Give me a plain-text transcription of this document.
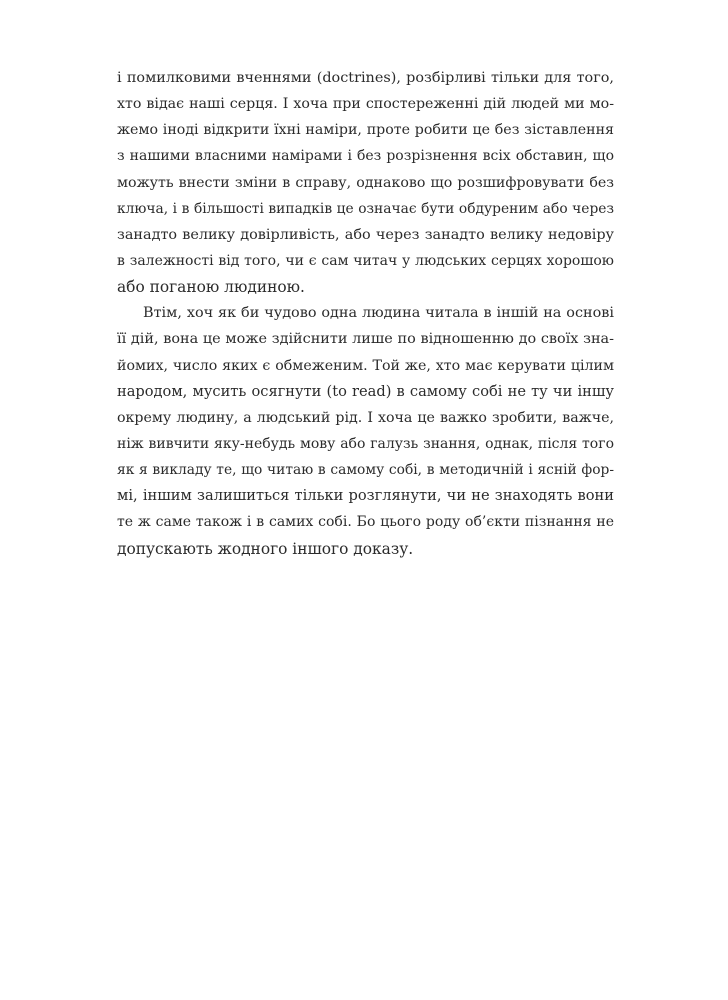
і помилковими вченнями (doctrines), розбірливі тільки для того,
хто відає наші серця. І хоча при спостереженні дій людей ми мо-
жемо іноді відкрити їхні наміри, проте робити це без зіставлення
з нашими власними намірами і без розрізнення всіх обставин, що
можуть внести зміни в справу, однаково що розшифровувати без
ключа, і в більшості випадків це означає бути обдуреним або через
занадто велику довірливість, або через занадто велику недовіру
в залежності від того, чи є сам читач у людських серцях хорошою
або поганою людиною.
Втім, хоч як би чудово одна людина читала в іншій на основі
її дій, вона це може здійснити лише по відношенню до своїх зна-
йомих, число яких є обмеженим. Той же, хто має керувати цілим
народом, мусить осягнути (to read) в самому собі не ту чи іншу
окрему людину, а людський рід. І хоча це важко зробити, важче,
ніж вивчити яку-небудь мову або галузь знання, однак, після того
як я викладу те, що читаю в самому собі, в методичній і ясній фор-
мі, іншим залишиться тільки розглянути, чи не знаходять вони
те ж саме також і в самих собі. Бо цього роду об’єкти пізнання не
допускають жодного іншого доказу.
